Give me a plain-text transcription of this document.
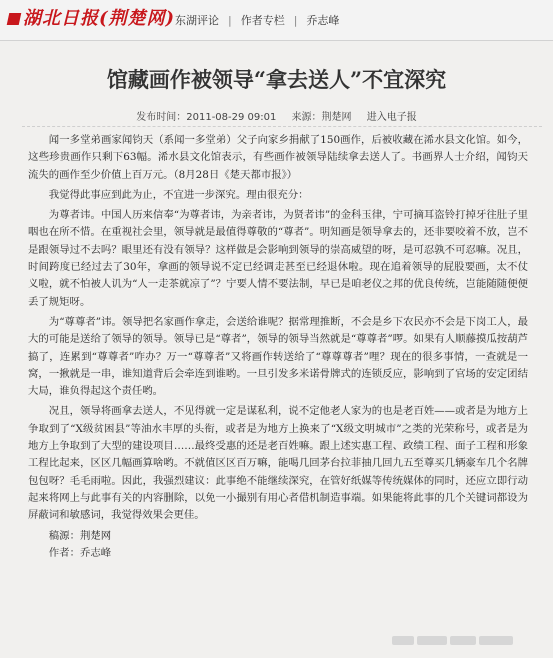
湖北日报(荆楚网) 东湖评论 | 作者专栏 | 乔志峰
馆藏画作被领导“拿去送人”不宜深究
发布时间：2011-08-29 09:01 来源：荆楚网 进入电子报

闻一多堂弟画家闻钧天（系闻一多堂弟）父子向家乡捐献了150画作，后被收藏在浠水县文化馆。如今，这些珍贵画作只剩下63幅。浠水县文化馆表示，有些画作被领导陆续拿去送人了。书画界人士介绍，闻钧天流失的画作至少价值上百万元。（8月28日《楚天都市报》）

我觉得此事应到此为止，不宜进一步深究。理由很充分：

为尊者讳。中国人历来信奉“为尊者讳，为亲者讳，为贤者讳”的金科玉律，宁可摘耳盗铃打掉牙往肚子里咽也在所不惜。在重视社会里，领导就是最值得尊敬的“尊者”。明知画是领导拿去的，还非要咬着不放，岂不是跟领导过不去吗？眼里还有没有领导？这样做是会影响到领导的崇高威望的呀，是可忍孰不可忍嘛。况且，时间跨度已经过去了30年，拿画的领导说不定已经调走甚至已经退休啦。现在追着领导的屁股要画，太不仗义啦，就不怕被人讥为“人一走茶就凉了”？宁要人情不要法制，早已是咱老仪之邦的优良传统，岂能随随便便丢了规矩呀。

为“尊尊者”讳。领导把名家画作拿走，会送给谁呢？据常理推断，不会是乡下农民亦不会是下岗工人，最大的可能是送给了领导的领导。领导已是“尊者”，领导的领导当然就是“尊尊者”啰。如果有人顺藤摸瓜按葫芦搞了，连累到“尊尊者”咋办？万一“尊尊者”又将画作转送给了“尊尊尊者”哩？现在的很多事情，一查就是一窝，一揪就是一串，谁知道背后会牵连到谁哟。一旦引发多米诺骨牌式的连锁反应，影响到了官场的安定团结大局，谁负得起这个责任哟。

况且，领导将画拿去送人，不见得就一定是谋私利，说不定他老人家为的也是老百姓——或者是为地方上争取到了“X级贫困县”等油水丰厚的头衔，或者是为地方上换来了“X级文明城市”之类的光荣称号，或者是为地方上争取到了大型的建设项目……最终受惠的还是老百姓嘛。跟上述实惠工程、政绩工程、面子工程和形象工程比起来，区区几幅画算啥哟。不就值区区百万嘛，能喝几回茅台拉菲抽几回九五至尊买几辆豪车几个名牌包包呀？毛毛雨啦。因此，我强烈建议：此事绝不能继续深究，在管好纸媒等传统媒体的同时，还应立即行动起来将网上与此事有关的内容删除，以免一小撮别有用心者借机制造事端。如果能将此事的几个关键词都设为屏蔽词和敏感词，我觉得效果会更佳。

稿源：荆楚网

作者：乔志峰
